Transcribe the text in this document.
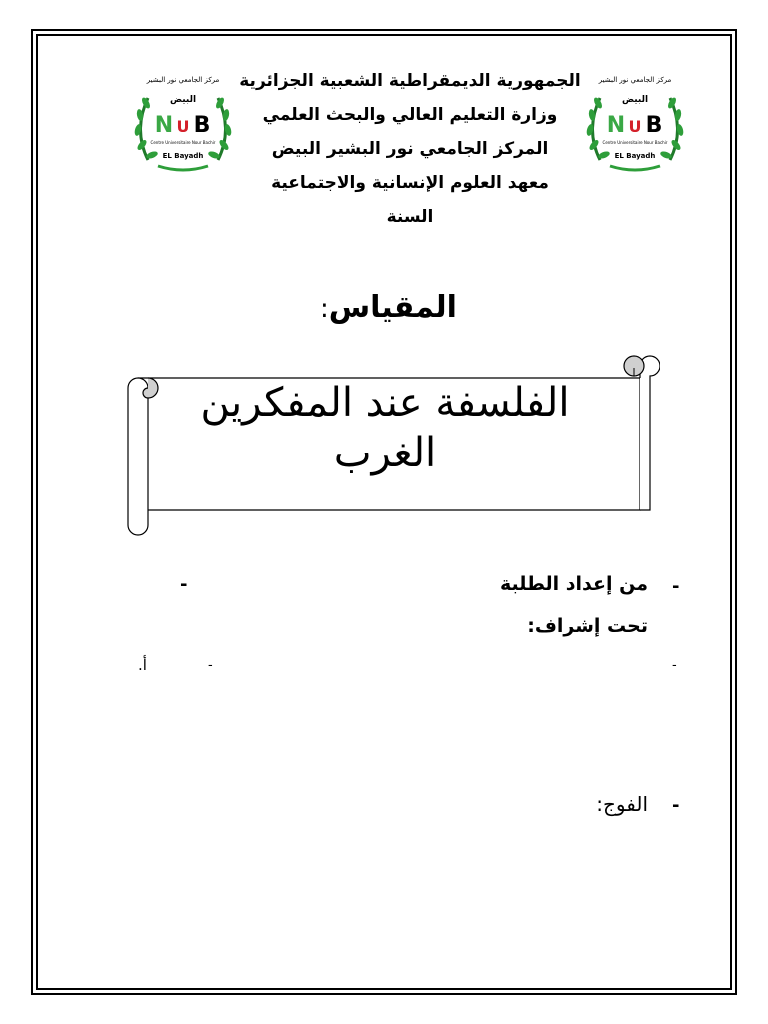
مركز الجامعي نور البشير
البيض
N U B
Centre Universitaire Nour Bachir
EL Bayadh
مركز الجامعي نور البشير
البيض
N U B
Centre Universitaire Nour Bachir
EL Bayadh
الجمهورية الديمقراطية الشعبية الجزائرية
وزارة التعليم العالي والبحث العلمي
المركز الجامعي نور البشير البيض
معهد العلوم الإنسانية والاجتماعية
السنة
المقياس:
الفلسفة عند المفكرين
الغرب
-
من إعداد الطلبة
-
تحت إشراف:
-
-
أ.
-
الفوج:
